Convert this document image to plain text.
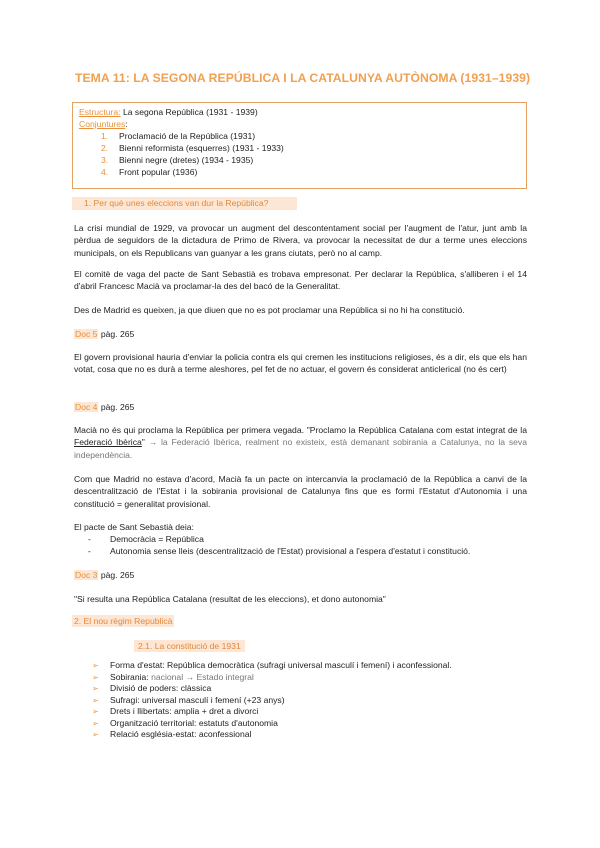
TEMA 11: LA SEGONA REPÚBLICA I LA CATALUNYA AUTÒNOMA (1931–1939)
Estructura: La segona República (1931 - 1939)
Conjuntures:
1. Proclamació de la República (1931)
2. Bienni reformista (esquerres) (1931 - 1933)
3. Bienni negre (dretes) (1934 - 1935)
4. Front popular (1936)
1. Per què unes eleccions van dur la República?
La crisi mundial de 1929, va provocar un augment del descontentament social per l'augment de l'atur, junt amb la pèrdua de seguidors de la dictadura de Primo de Rivera, va provocar la necessitat de dur a terme unes eleccions municipals, on els Republicans van guanyar a les grans ciutats, però no al camp.
El comitè de vaga del pacte de Sant Sebastià es trobava empresonat. Per declarar la República, s'alliberen i el 14 d'abril Francesc Macià va proclamar-la des del bacó de la Generalitat.
Des de Madrid es queixen, ja que diuen que no es pot proclamar una República si no hi ha constitució.
Doc 5 pàg. 265
El govern provisional hauria d'enviar la policia contra els qui cremen les institucions religioses, és a dir, els que els han votat, cosa que no es durà a terme aleshores, pel fet de no actuar, el govern és considerat anticlerical (no és cert)
Doc 4 pàg. 265
Macià no és qui proclama la República per primera vegada. "Proclamo la República Catalana com estat integrat de la Federació Ibèrica" → la Federació Ibèrica, realment no existeix, està demanant sobirania a Catalunya, no la seva independència.
Com que Madrid no estava d'acord, Macià fa un pacte on intercanvia la proclamació de la República a canvi de la descentralització de l'Estat i la sobirania provisional de Catalunya fins que es formi l'Estatut d'Autonomia i una constitució = generalitat provisional.
El pacte de Sant Sebastià deia:
- Democràcia = República
- Autonomia sense lleis (descentralització de l'Estat) provisional a l'espera d'estatut i constitució.
Doc 3 pàg. 265
"Si resulta una República Catalana (resultat de les eleccions), et dono autonomia"
2. El nou règim Republicà
2.1. La constitució de 1931
➢ Forma d'estat: República democràtica (sufragi universal masculí i femení) i aconfessional.
➢ Sobirania: nacional → Estado integral
➢ Divisió de poders: clàssica
➢ Sufragi: universal masculí i femení (+23 anys)
➢ Drets i llibertats: amplia + dret a divorci
➢ Organització territorial: estatuts d'autonomia
➢ Relació església-estat: aconfessional
